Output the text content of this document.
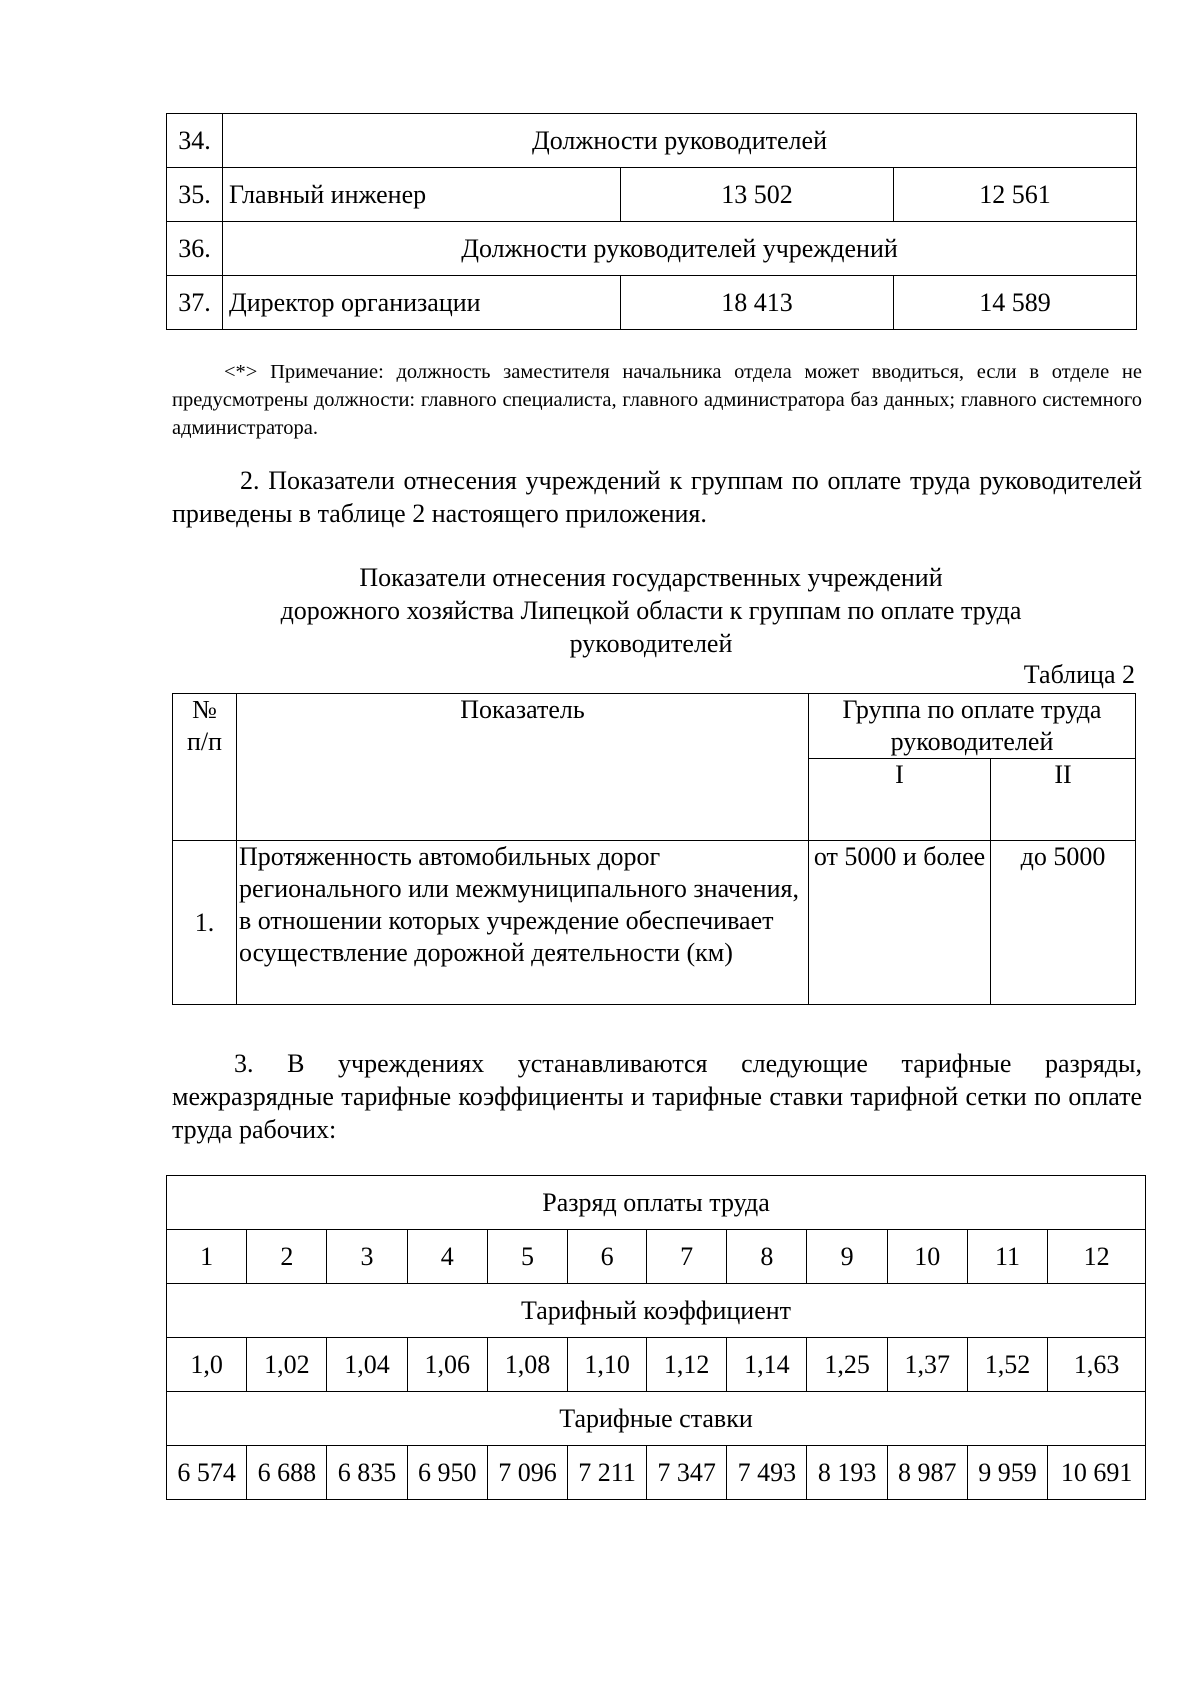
34.	Должности руководителей		
35.	Главный инженер	13 502	12 561
36.	Должности руководителей учреждений		
37.	Директор организации	18 413	14 589
<*> Примечание: должность заместителя начальника отдела может вводиться, если в отделе не предусмотрены должности: главного специалиста, главного администратора баз данных; главного системного администратора.
2. Показатели отнесения учреждений к группам по оплате труда руководителей приведены в таблице 2 настоящего приложения.
Показатели отнесения государственных учреждений
дорожного хозяйства Липецкой области к группам по оплате труда
руководителей
Таблица 2
№
п/п	Показатель	Группа по оплате труда руководителей	
		I	II
1.	Протяженность автомобильных дорог регионального или межмуниципального значения, в отношении которых учреждение обеспечивает осуществление дорожной деятельности (км)	от 5000 и более	до 5000
3. В учреждениях устанавливаются следующие тарифные разряды, межразрядные тарифные коэффициенты и тарифные ставки тарифной сетки по оплате труда рабочих:
Разряд оплаты труда											
1	2	3	4	5	6	7	8	9	10	11	12
Тарифный коэффициент											
1,0	1,02	1,04	1,06	1,08	1,10	1,12	1,14	1,25	1,37	1,52	1,63
Тарифные ставки											
6 574	6 688	6 835	6 950	7 096	7 211	7 347	7 493	8 193	8 987	9 959	10 691
